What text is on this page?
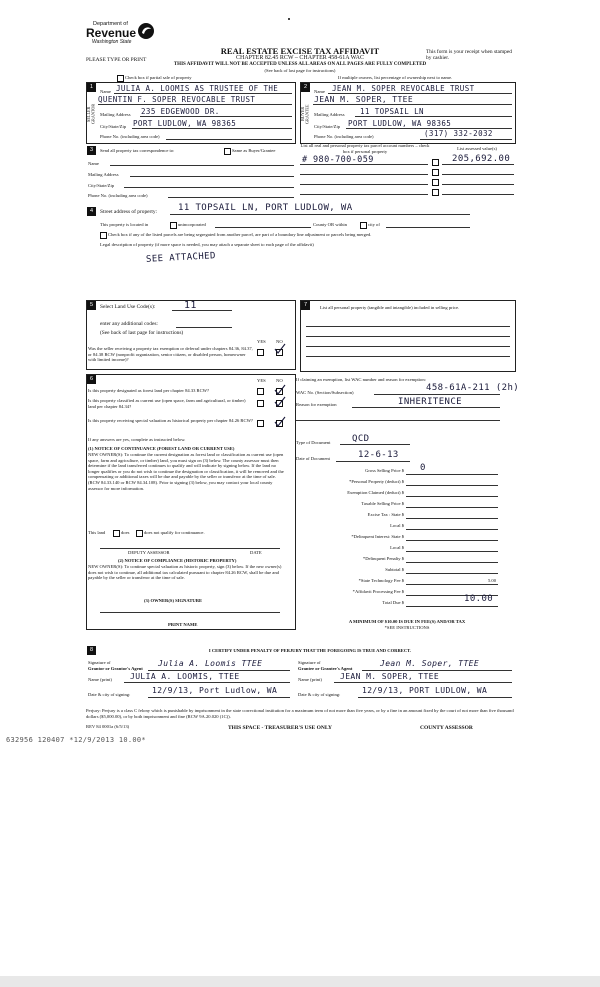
Department of
Revenue
Washington State
PLEASE TYPE OR PRINT
REAL ESTATE EXCISE TAX AFFIDAVIT
CHAPTER 82.45 RCW – CHAPTER 458-61A WAC
THIS AFFIDAVIT WILL NOT BE ACCEPTED UNLESS ALL AREAS ON ALL PAGES ARE FULLY COMPLETED
(See back of last page for instructions)
This form is your receipt when stamped by cashier.
Check box if partial sale of property	If multiple owners, list percentage of ownership next to name.
1
SELLER GRANTOR
Name JULIA A. LOOMIS AS TRUSTEE OF THE
QUENTIN F. SOPER REVOCABLE TRUST
Mailing Address 235 EDGEWOOD DR.
City/State/Zip PORT LUDLOW, WA 98365
Phone No. (including area code)
2
BUYER GRANTEE
Name JEAN M. SOPER REVOCABLE TRUST
JEAN M. SOPER, TTEE
Mailing Address 11 TOPSAIL LN
City/State/Zip PORT LUDLOW, WA 98365
Phone No. (including area code)	(317) 332-2032
3	Send all property tax correspondence to:	Same as Buyer/Grantee
List all real and personal property tax parcel account numbers – check box if personal property
List assessed value(s)
Name
Mailing Address
City/State/Zip
Phone No. (including area code)
# 980-700-059	205,692.00
4	Street address of property: 11 TOPSAIL LN, PORT LUDLOW, WA
This property is located in	unincorporated	County OR within	city of
Check box if any of the listed parcels are being segregated from another parcel, are part of a boundary line adjustment or parcels being merged.
Legal description of property (if more space is needed, you may attach a separate sheet to each page of the affidavit)
SEE ATTACHED
5	Select Land Use Code(s):	11
enter any additional codes:
(See back of last page for instructions)
YES NO
Was the seller receiving a property tax exemption or deferral under chapters 84.36, 84.37, or 84.38 RCW (nonprofit organization, senior citizen, or disabled person, homeowner with limited income)?
6	YES NO
Is this property designated as forest land per chapter 84.33 RCW?
Is this property classified as current use (open space, farm and agricultural, or timber) land per chapter 84.34?
Is this property receiving special valuation as historical property per chapter 84.26 RCW?
If any answers are yes, complete as instructed below.
(1) NOTICE OF CONTINUANCE (FOREST LAND OR CURRENT USE)
NEW OWNER(S): To continue the current designation as forest land or classification as current use (open space, farm and agriculture, or timber) land, you must sign on (3) below. The county assessor must then determine if the land transferred continues to qualify and will indicate by signing below. If the land no longer qualifies or you do not wish to continue the designation or classification, it will be removed and the compensating or additional taxes will be due and payable by the seller or transferor at the time of sale. (RCW 84.33.140 or RCW 84.34.108). Prior to signing (3) below, you may contact your local county assessor for more information.
This land	does	does not qualify for continuance.
DEPUTY ASSESSOR	DATE
(2) NOTICE OF COMPLIANCE (HISTORIC PROPERTY)
NEW OWNER(S): To continue special valuation as historic property, sign (3) below. If the new owner(s) does not wish to continue, all additional tax calculated pursuant to chapter 84.26 RCW, shall be due and payable by the seller or transferor at the time of sale.
(3) OWNER(S) SIGNATURE
PRINT NAME
7	List all personal property (tangible and intangible) included in selling price.
If claiming an exemption, list WAC number and reason for exemption:
WAC No. (Section/Subsection)	458-61A-211 (2h)
Reason for exemption	INHERITENCE
Type of Document QCD
Date of Document	12-6-13
Gross Selling Price $ 0
*Personal Property (deduct) $
Exemption Claimed (deduct) $
Taxable Selling Price $
Excise Tax : State $
Local $
*Delinquent Interest: State $
Local $
*Delinquent Penalty $
Subtotal $
*State Technology Fee $	5.00
*Affidavit Processing Fee $
Total Due $	10.00
A MINIMUM OF $10.00 IS DUE IN FEE(S) AND/OR TAX
*SEE INSTRUCTIONS
8	I CERTIFY UNDER PENALTY OF PERJURY THAT THE FOREGOING IS TRUE AND CORRECT.
Signature of
Grantor or Grantor's Agent
Julia A. Loomis TTEE	Signature of
Grantee or Grantee's Agent
Jean M. Soper, TTEE
Name (print) JULIA A. LOOMIS, TTEE	Name (print) JEAN M. SOPER, TTEE
Date & city of signing:	12/9/13, Port Ludlow, WA	Date & city of signing:	12/9/13, PORT LUDLOW, WA
Perjury: Perjury is a class C felony which is punishable by imprisonment in the state correctional institution for a maximum term of not more than five years, or by a fine in an amount fixed by the court of not more than five thousand dollars ($5,000.00), or by both imprisonment and fine (RCW 9A.20.020 (1C)).
REV 84 0001a (6/5/13)	THIS SPACE - TREASURER'S USE ONLY	COUNTY ASSESSOR
632956 120407 *12/9/2013 10.00*
